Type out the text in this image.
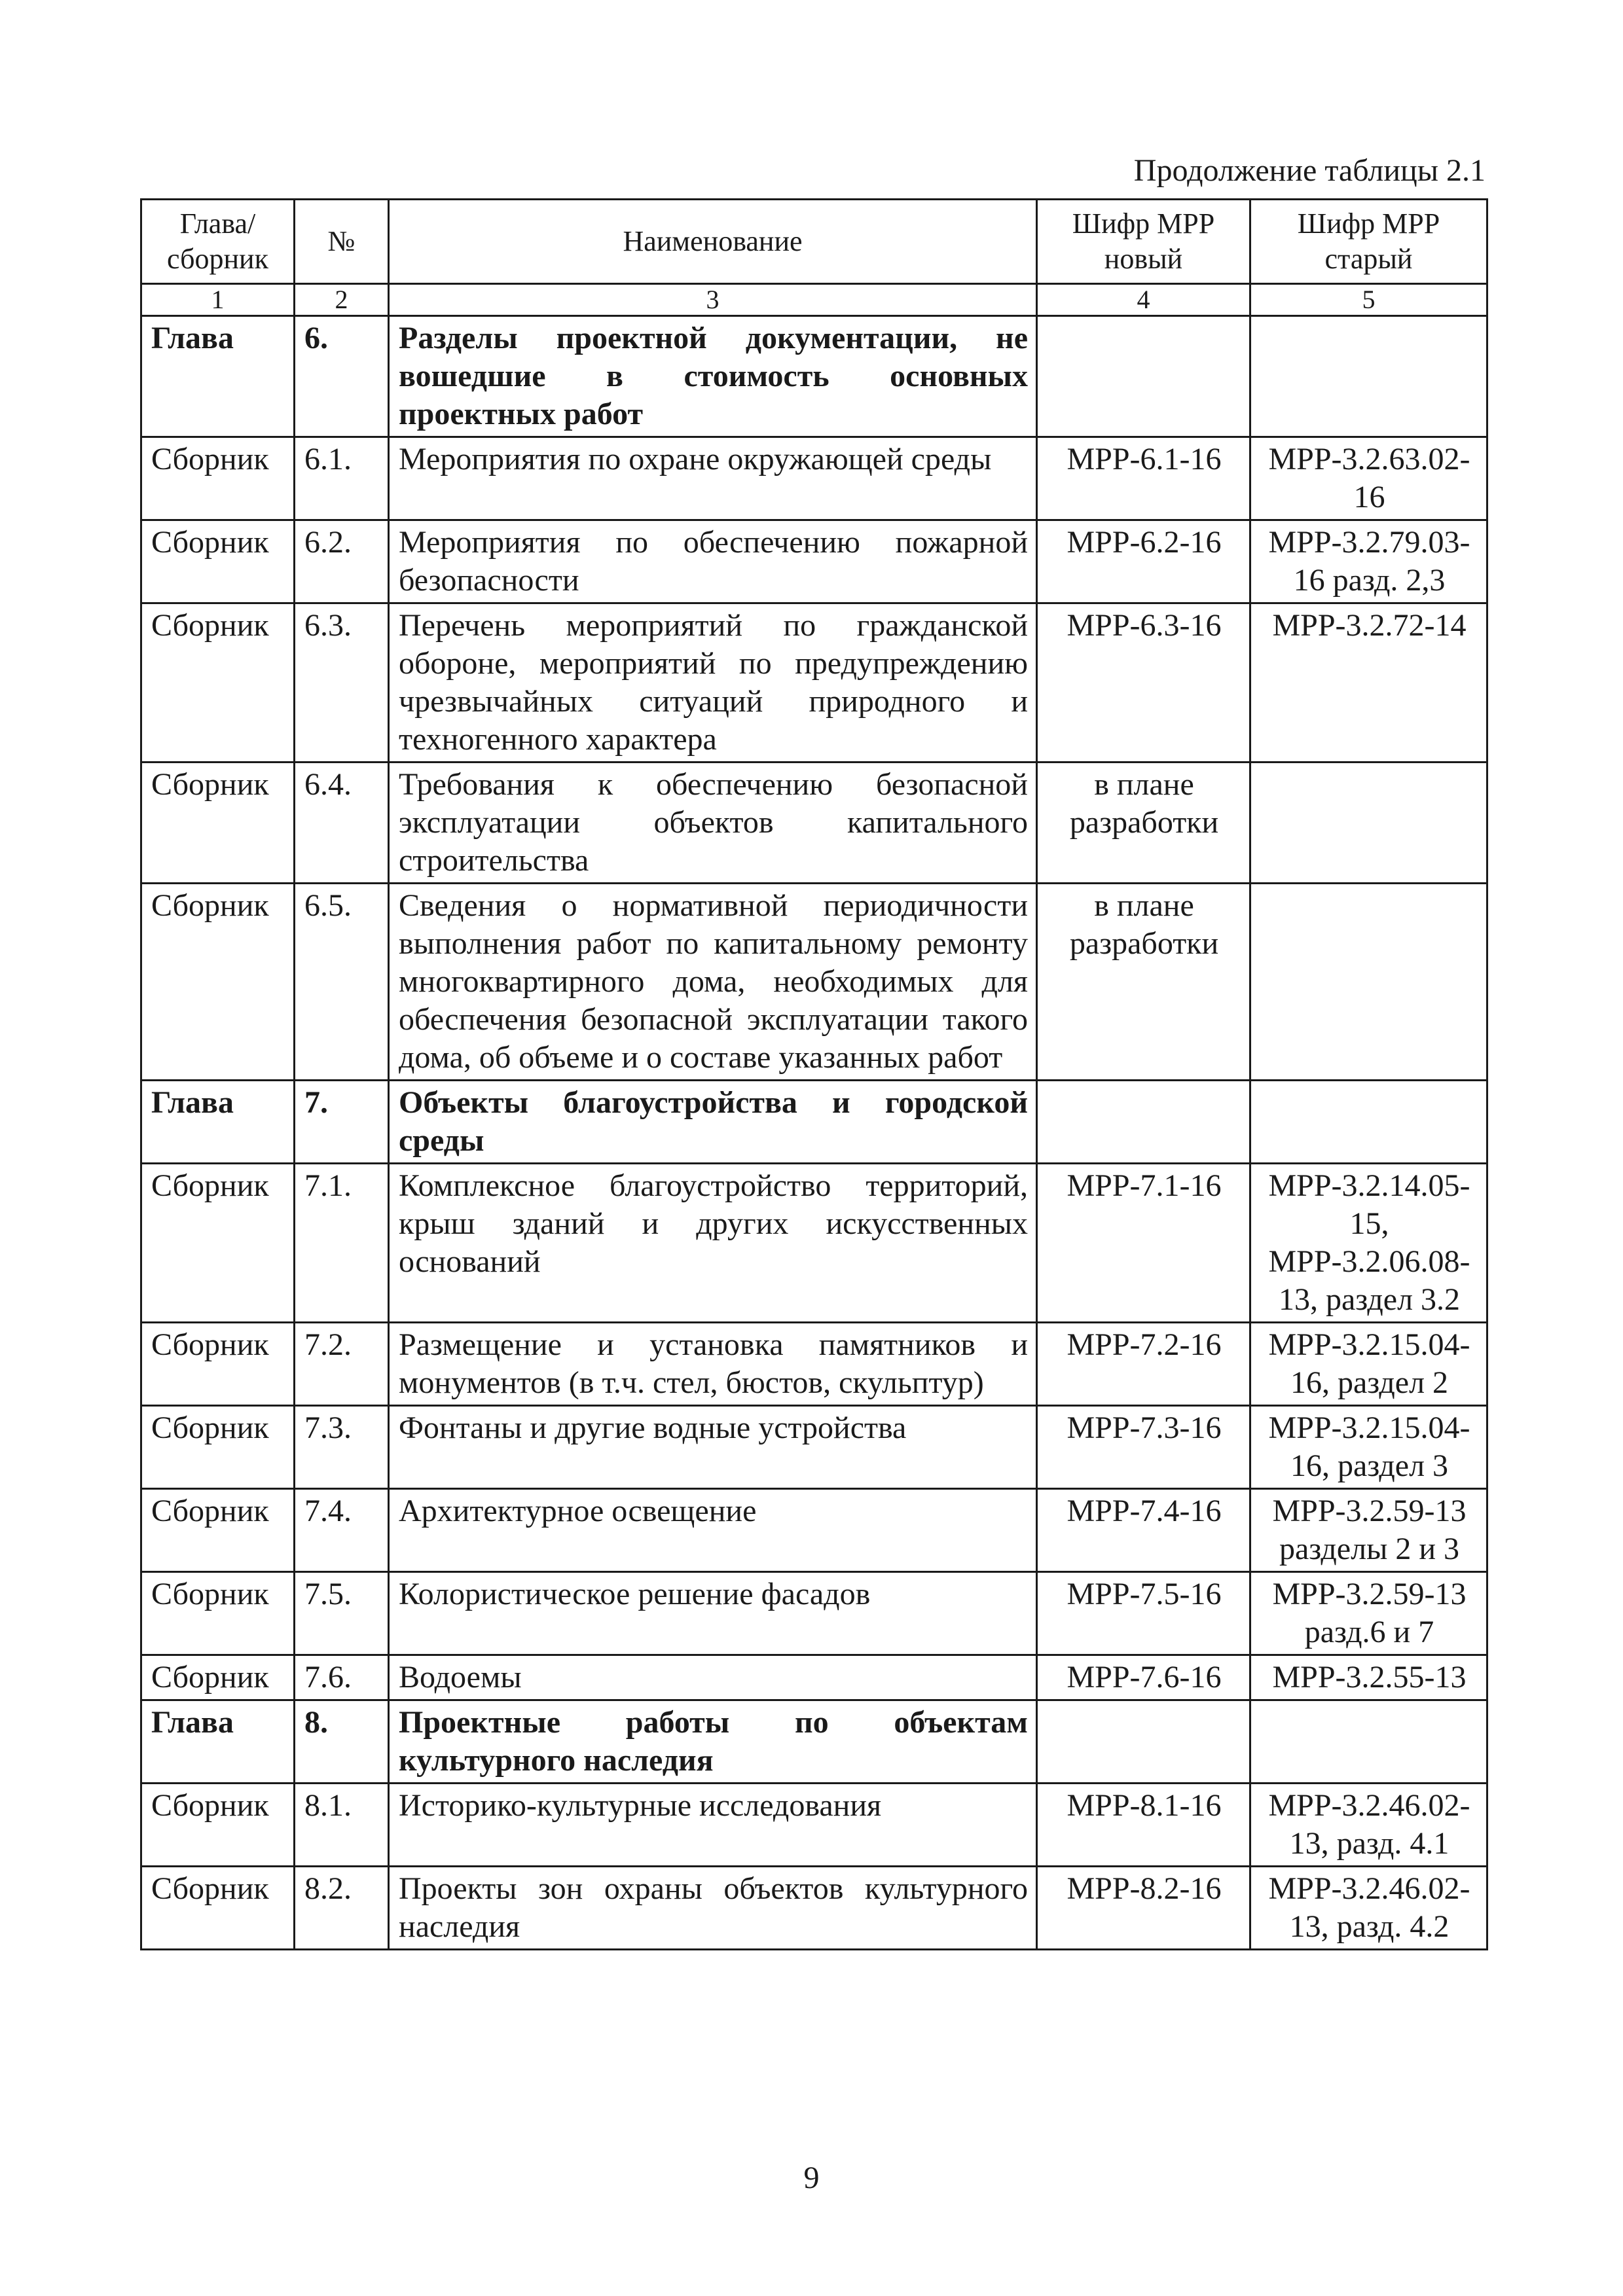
Продолжение таблицы 2.1
Глава/ сборник	№	Наименование	Шифр МРР новый	Шифр МРР старый
1	2	3	4	5
Глава	6.	Разделы проектной документации, не вошедшие в стоимость основных проектных работ		
Сборник	6.1.	Мероприятия по охране окружающей среды	МРР-6.1-16	МРР-3.2.63.02-16
Сборник	6.2.	Мероприятия по обеспечению пожарной безопасности	МРР-6.2-16	МРР-3.2.79.03-16 разд. 2,3
Сборник	6.3.	Перечень мероприятий по гражданской обороне, мероприятий по предупреждению чрезвычайных ситуаций природного и техногенного характера	МРР-6.3-16	МРР-3.2.72-14
Сборник	6.4.	Требования к обеспечению безопасной эксплуатации объектов капитального строительства	в плане разработки	
Сборник	6.5.	Сведения о нормативной периодичности выполнения работ по капитальному ремонту многоквартирного дома, необходимых для обеспечения безопасной эксплуатации такого дома, об объеме и о составе указанных работ	в плане разработки	
Глава	7.	Объекты благоустройства и городской среды		
Сборник	7.1.	Комплексное благоустройство территорий, крыш зданий и других искусственных оснований	МРР-7.1-16	МРР-3.2.14.05-15, МРР-3.2.06.08-13, раздел 3.2
Сборник	7.2.	Размещение и установка памятников и монументов (в т.ч. стел, бюстов, скульптур)	МРР-7.2-16	МРР-3.2.15.04-16, раздел 2
Сборник	7.3.	Фонтаны и другие водные устройства	МРР-7.3-16	МРР-3.2.15.04-16, раздел 3
Сборник	7.4.	Архитектурное освещение	МРР-7.4-16	МРР-3.2.59-13 разделы 2 и 3
Сборник	7.5.	Колористическое решение фасадов	МРР-7.5-16	МРР-3.2.59-13 разд.6 и 7
Сборник	7.6.	Водоемы	МРР-7.6-16	МРР-3.2.55-13
Глава	8.	Проектные работы по объектам культурного наследия		
Сборник	8.1.	Историко-культурные исследования	МРР-8.1-16	МРР-3.2.46.02-13, разд. 4.1
Сборник	8.2.	Проекты зон охраны объектов культурного наследия	МРР-8.2-16	МРР-3.2.46.02-13, разд. 4.2
9
